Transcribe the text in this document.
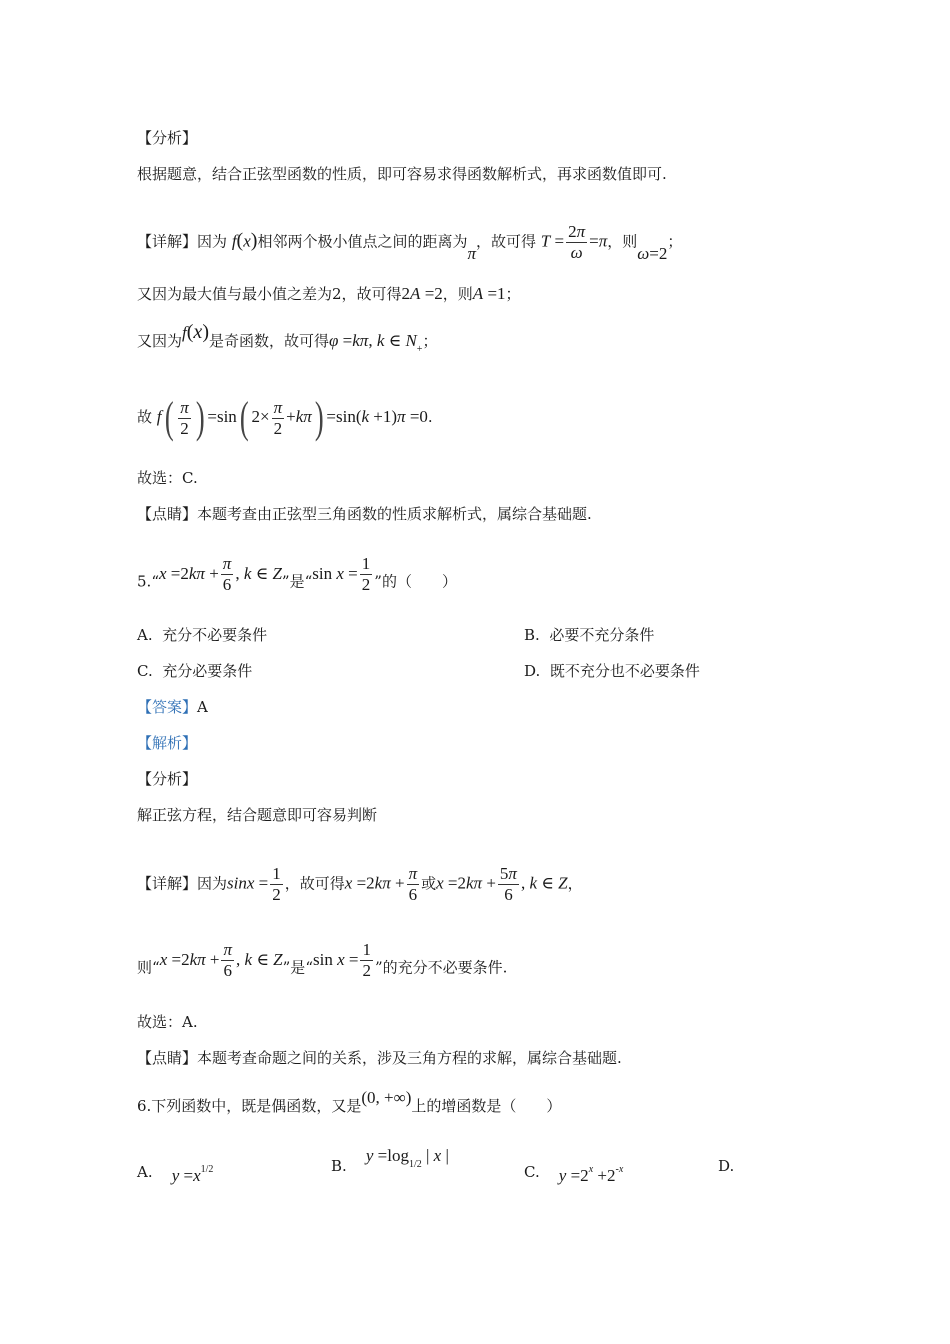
【分析】
根据题意，结合正弦型函数的性质，即可容易求得函数解析式，再求函数值即可.
【详解】因为 f(x)相邻两个极小值点之间的距离为π，故可得 $T = \frac{2\pi}{\omega} =\pi$，则ω=2；
又因为最大值与最小值之差为2，故可得2A =2，则A =1；
又因为f(x)是奇函数，故可得φ =kπ, k ∈ $N_+$；
故 $f( \frac{\pi}{2}$ ) =sin( $2\times \frac{\pi}{2} +k\pi) =\sin(k +1)\pi =0$.
故选：C.
【点睛】本题考查由正弦型三角函数的性质求解析式，属综合基础题.
5.“x $=2k\pi + \frac{\pi}{6}$ , k ∈ Z”是“sin $x = \frac{1}{2}$ ”的（　　）
A. 充分不必要条件	B. 必要不充分条件
C. 充分必要条件	D. 既不充分也不必要条件
【答案】A
【解析】
【分析】
解正弦方程，结合题意即可容易判断
【详解】因为$\sin x = \frac{1}{2}$ ，故可得$x =2k\pi + \frac{\pi}{6}$ 或$x =2k\pi + \frac{5\pi}{6}$ , k ∈ Z，
则“$x =2k\pi + \frac{\pi}{6}$ , k ∈ Z”是“sin $x = \frac{1}{2}$ ”的充分不必要条件.
故选：A.
【点睛】本题考查命题之间的关系，涉及三角方程的求解，属综合基础题.
6.下列函数中，既是偶函数，又是(0, +∞)上的增函数是（　　）
A. $y =x^{1/2}$	B.    $y =\log_{1/2}$ | x |
C. $y =2^x +2^{-x}$	D.
